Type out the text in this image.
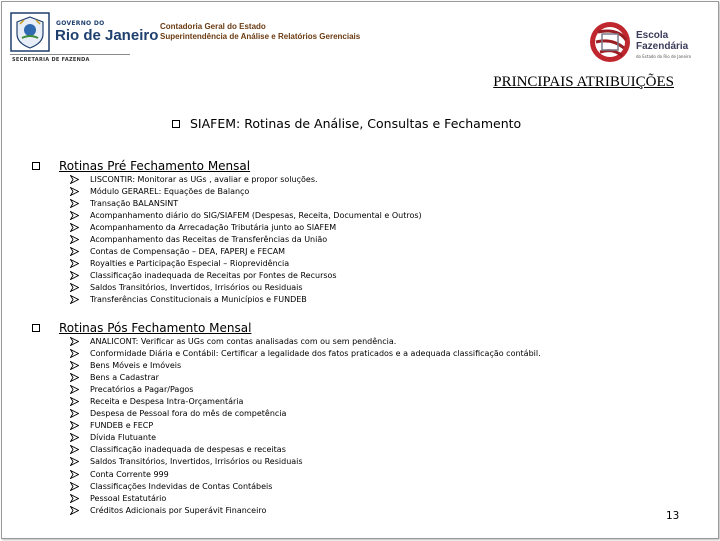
GOVERNO DO
Rio de Janeiro
SECRETARIA DE FAZENDA
Contadoria Geral do Estado
Superintendência de Análise e Relatórios Gerenciais	Escola
Fazendária
do Estado do Rio de Janeiro
PRINCIPAIS ATRIBUIÇÕES
SIAFEM: Rotinas de Análise, Consultas e Fechamento
Rotinas Pré Fechamento Mensal
LISCONTIR: Monitorar as UGs , avaliar e propor soluções.
Módulo GERAREL: Equações de Balanço
Transação BALANSINT
Acompanhamento diário do SIG/SIAFEM (Despesas, Receita, Documental e Outros)
Acompanhamento da Arrecadação Tributária junto ao SIAFEM
Acompanhamento das Receitas de Transferências da União
Contas de Compensação – DEA, FAPERJ e FECAM
Royalties e Participação Especial – Rioprevidência
Classificação inadequada de Receitas por Fontes de Recursos
Saldos Transitórios, Invertidos, Irrisórios ou Residuais
Transferências Constitucionais a Municípios e FUNDEB
Rotinas Pós Fechamento Mensal
ANALICONT: Verificar as UGs com contas analisadas com ou sem pendência.
Conformidade Diária e Contábil: Certificar a legalidade dos fatos praticados e a adequada classificação contábil.
Bens Móveis e Imóveis
Bens a Cadastrar
Precatórios a Pagar/Pagos
Receita e Despesa Intra-Orçamentária
Despesa de Pessoal fora do mês de competência
FUNDEB e FECP
Dívida Flutuante
Classificação inadequada de despesas e receitas
Saldos Transitórios, Invertidos, Irrisórios ou Residuais
Conta Corrente 999
Classificações Indevidas de Contas Contábeis
Pessoal Estatutário
Créditos Adicionais por Superávit Financeiro	13
